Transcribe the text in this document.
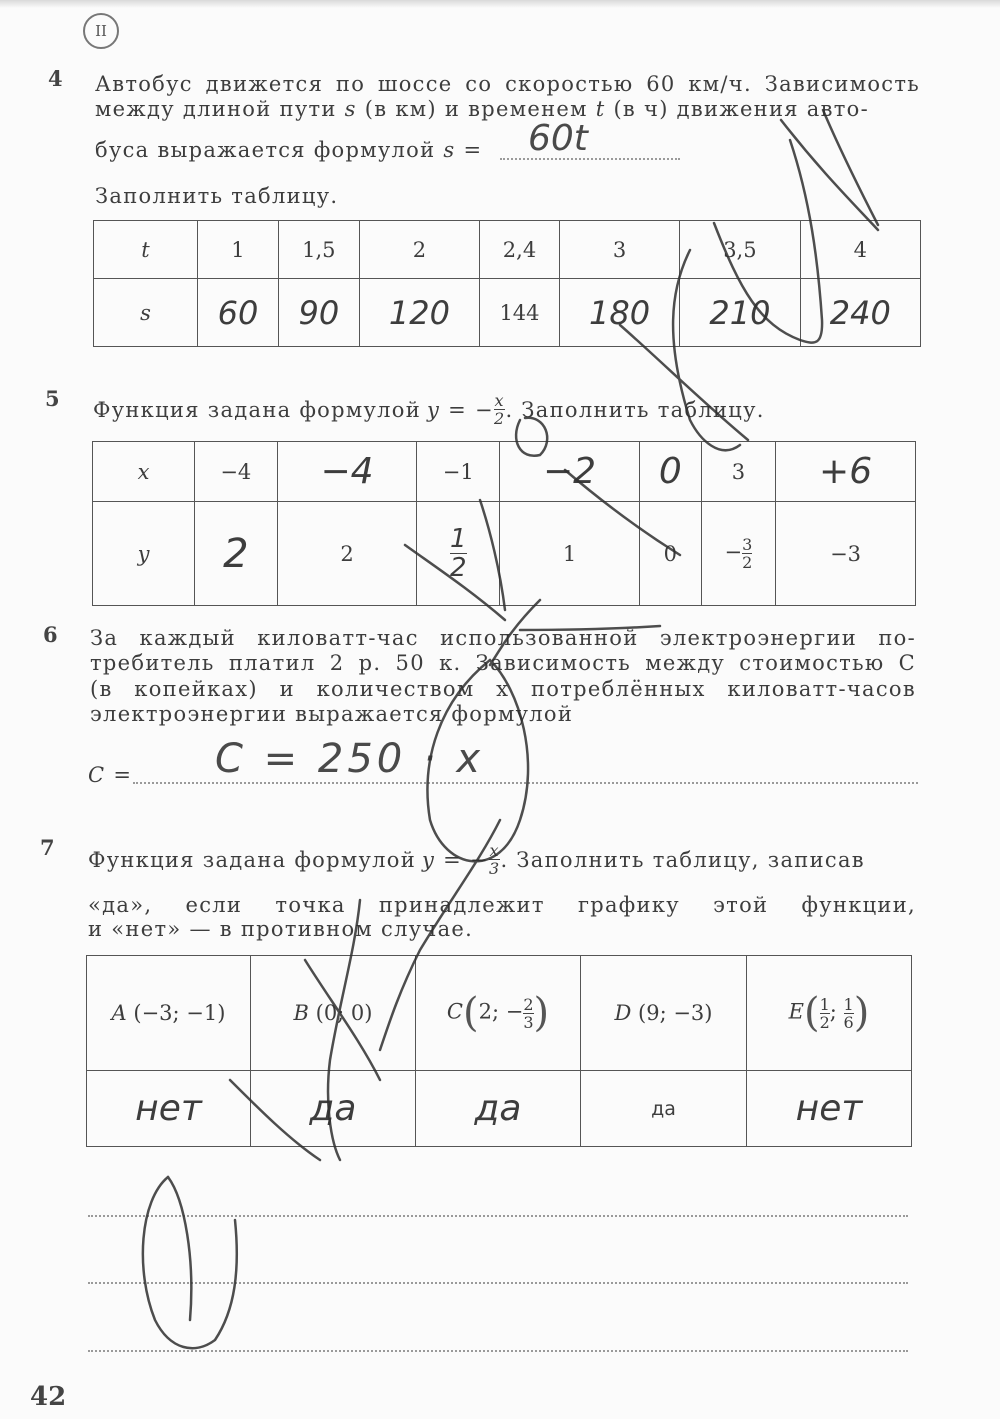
II
4 Автобус движется по шоссе со скоростью 60 км/ч. Зависимость
между длиной пути s (в км) и временем t (в ч) движения авто-
буса выражается формулой s = 60t
Заполнить таблицу.
t	1	1,5	2	2,4	3	3,5	4
s	60	90	120	144	180	210	240
5 Функция задана формулой y = − $\frac{x}{2}$ . Заполнить таблицу.
x	−4	−4	−1	−2	0	3	+6
y	2	2	$\frac{1}{2}$	1	0	− $\frac{3}{2}$	−3
6 За каждый киловатт-час использованной электроэнергии по-
требитель платил 2 р. 50 к. Зависимость между стоимостью C
(в копейках) и количеством x потреблённых киловатт-часов
электроэнергии выражается формулой
C = C = 250 · x
7 Функция задана формулой y = − $\frac{x}{3}$ . Заполнить таблицу, записав
«да», если точка принадлежит графику этой функции,
и «нет» — в противном случае.
A (−3; −1)	B (0; 0)	C(2; − $\frac{2}{3}$ )	D (9; −3)	$E( \frac{1}{2}$ ; $\frac{1}{6}$ )
нет	да	да	да	нет
42
